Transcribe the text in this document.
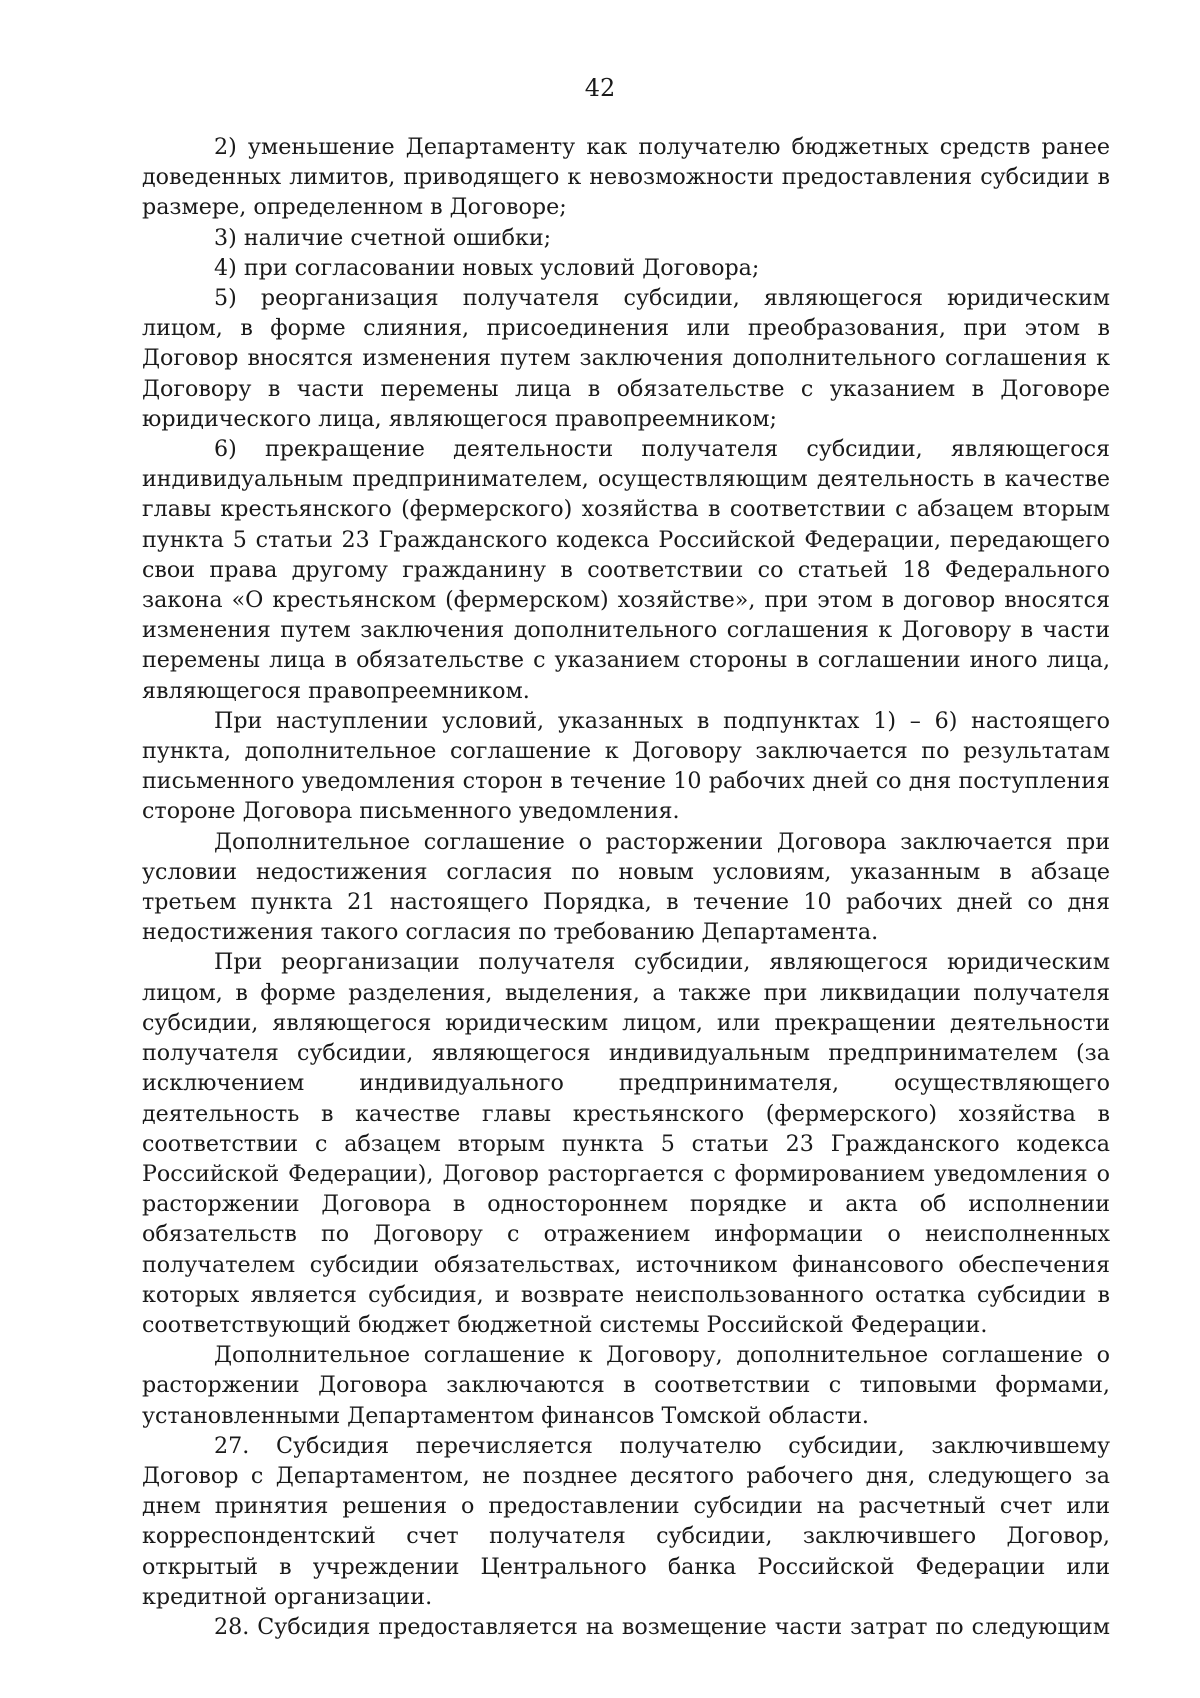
42

2) уменьшение Департаменту как получателю бюджетных средств ранее доведенных лимитов, приводящего к невозможности предоставления субсидии в размере, определенном в Договоре;

3) наличие счетной ошибки;

4) при согласовании новых условий Договора;

5) реорганизация получателя субсидии, являющегося юридическим лицом, в форме слияния, присоединения или преобразования, при этом в Договор вносятся изменения путем заключения дополнительного соглашения к Договору в части перемены лица в обязательстве с указанием в Договоре юридического лица, являющегося правопреемником;

6) прекращение деятельности получателя субсидии, являющегося индивидуальным предпринимателем, осуществляющим деятельность в качестве главы крестьянского (фермерского) хозяйства в соответствии с абзацем вторым пункта 5 статьи 23 Гражданского кодекса Российской Федерации, передающего свои права другому гражданину в соответствии со статьей 18 Федерального закона «О крестьянском (фермерском) хозяйстве», при этом в договор вносятся изменения путем заключения дополнительного соглашения к Договору в части перемены лица в обязательстве с указанием стороны в соглашении иного лица, являющегося правопреемником.

При наступлении условий, указанных в подпунктах 1) – 6) настоящего пункта, дополнительное соглашение к Договору заключается по результатам письменного уведомления сторон в течение 10 рабочих дней со дня поступления стороне Договора письменного уведомления.

Дополнительное соглашение о расторжении Договора заключается при условии недостижения согласия по новым условиям, указанным в абзаце третьем пункта 21 настоящего Порядка, в течение 10 рабочих дней со дня недостижения такого согласия по требованию Департамента.

При реорганизации получателя субсидии, являющегося юридическим лицом, в форме разделения, выделения, а также при ликвидации получателя субсидии, являющегося юридическим лицом, или прекращении деятельности получателя субсидии, являющегося индивидуальным предпринимателем (за исключением индивидуального предпринимателя, осуществляющего деятельность в качестве главы крестьянского (фермерского) хозяйства в соответствии с абзацем вторым пункта 5 статьи 23 Гражданского кодекса Российской Федерации), Договор расторгается с формированием уведомления о расторжении Договора в одностороннем порядке и акта об исполнении обязательств по Договору с отражением информации о неисполненных получателем субсидии обязательствах, источником финансового обеспечения которых является субсидия, и возврате неиспользованного остатка субсидии в соответствующий бюджет бюджетной системы Российской Федерации.

Дополнительное соглашение к Договору, дополнительное соглашение о расторжении Договора заключаются в соответствии с типовыми формами, установленными Департаментом финансов Томской области.

27. Субсидия перечисляется получателю субсидии, заключившему Договор с Департаментом, не позднее десятого рабочего дня, следующего за днем принятия решения о предоставлении субсидии на расчетный счет или корреспондентский счет получателя субсидии, заключившего Договор, открытый в учреждении Центрального банка Российской Федерации или кредитной организации.

28. Субсидия предоставляется на возмещение части затрат по следующим
